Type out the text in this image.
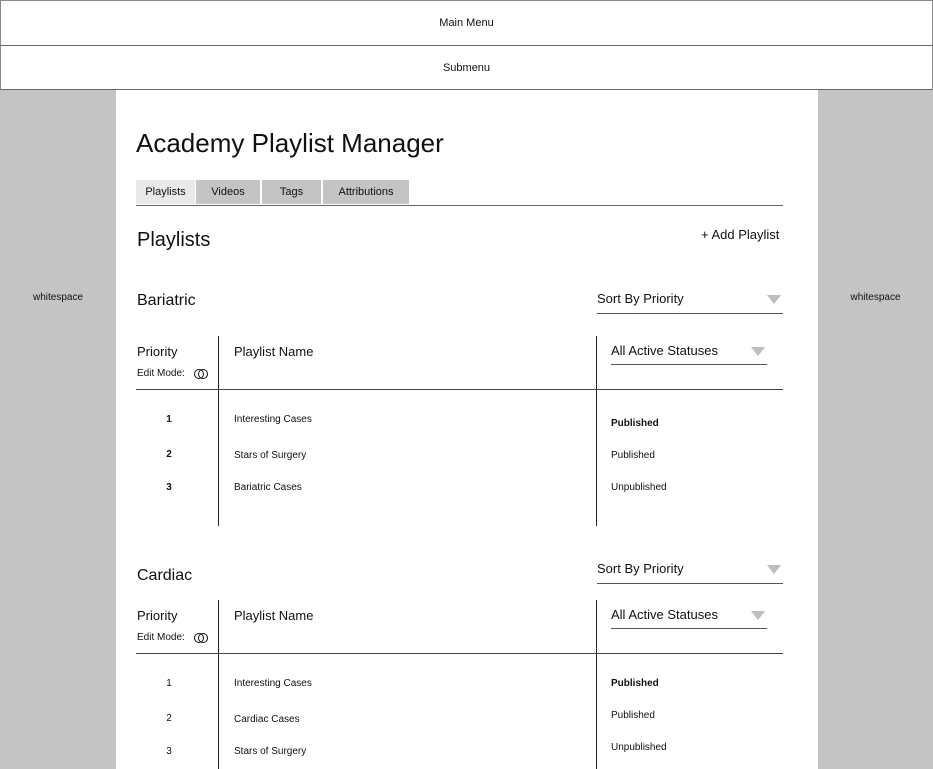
Main Menu
Submenu
whitespace	whitespace
Academy Playlist Manager
Playlists	Videos	Tags	Attributions
Playlists	+ Add Playlist
Bariatric	Sort By Priority
Priority
Edit Mode:
Playlist Name	All Active Statuses
1	Interesting Cases	Published
2	Stars of Surgery	Published
3	Bariatric Cases	Unpublished
Cardiac	Sort By Priority
Priority
Edit Mode:
Playlist Name	All Active Statuses
1	Interesting Cases	Published
2	Cardiac Cases	Published
3	Stars of Surgery	Unpublished
